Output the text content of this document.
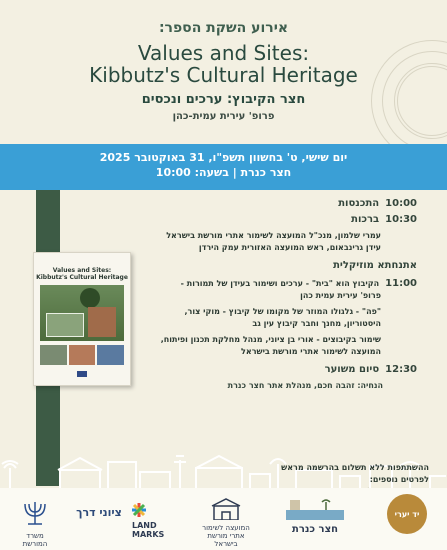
אירוע השקת הספר:
Values and Sites:
Kibbutz's Cultural Heritage
חצר הקיבוץ: ערכים ונכסים
פרופ' עירית עמית-כהן
יום שישי, ט' בחשוון תשפ"ו, 31 באוקטובר 2025
חצר כנרת | בשעה: 10:00
Values and Sites:
Kibbutz's Cultural Heritage
10:00
התכנסות
10:30
ברכות
עמרי שלמון, מנכ"ל המועצה לשימור אתרי מורשת בישראל
עידן גרינבאום, ראש המועצה האזורית עמק הירדן
אתנחתא מוזיקלית
11:00
הקיבוץ הוא "בית" - ערכים ושימור בעידן של תמורות -
פרופ' עירית עמית כהן
"פה" - גלגולו המוזר של מקומו של קיבוץ - מוקי צור,
היסטוריון, מחנך וחבר קיבוץ עין גב
שימור בקיבוצים - אורי בן ציוני, מנהל מחלקת תכנון ופיתוח,
המועצה לשימור אתרי מורשת בישראל
12:30
סיום משוער
הנחיה: זהבה חכם, מנהלת אתר חצר כנרת
ההשתתפות ללא תשלום בהרשמה מראש
לפרטים נוספים:
משרד המורשת
ציוני דרך
LAND MARKS
המועצה לשימור
אתרי מורשת בישראל
חצר כנרת
יד יערי
